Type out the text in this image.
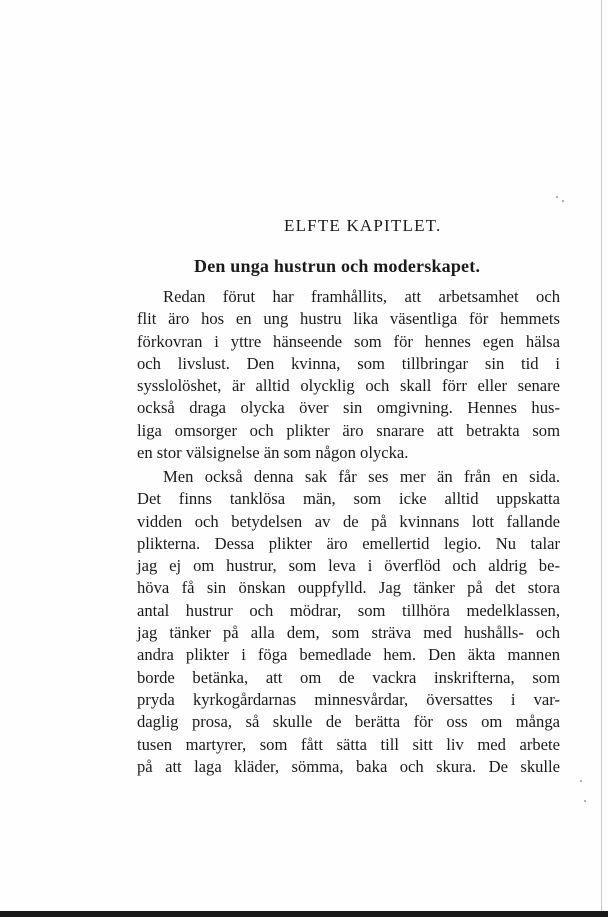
ELFTE KAPITLET.
Den unga hustrun och moderskapet.
Redan förut har framhållits, att arbetsamhet och
flit äro hos en ung hustru lika väsentliga för hemmets
förkovran i yttre hänseende som för hennes egen hälsa
och livslust. Den kvinna, som tillbringar sin tid i
sysslolöshet, är alltid olycklig och skall förr eller senare
också draga olycka över sin omgivning. Hennes hus-
liga omsorger och plikter äro snarare att betrakta som
en stor välsignelse än som någon olycka.
Men också denna sak får ses mer än från en sida.
Det finns tanklösa män, som icke alltid uppskatta
vidden och betydelsen av de på kvinnans lott fallande
plikterna. Dessa plikter äro emellertid legio. Nu talar
jag ej om hustrur, som leva i överflöd och aldrig be-
höva få sin önskan ouppfylld. Jag tänker på det stora
antal hustrur och mödrar, som tillhöra medelklassen,
jag tänker på alla dem, som sträva med hushålls- och
andra plikter i föga bemedlade hem. Den äkta mannen
borde betänka, att om de vackra inskrifterna, som
pryda kyrkogårdarnas minnesvårdar, översattes i var-
daglig prosa, så skulle de berätta för oss om många
tusen martyrer, som fått sätta till sitt liv med arbete
på att laga kläder, sömma, baka och skura. De skulle
